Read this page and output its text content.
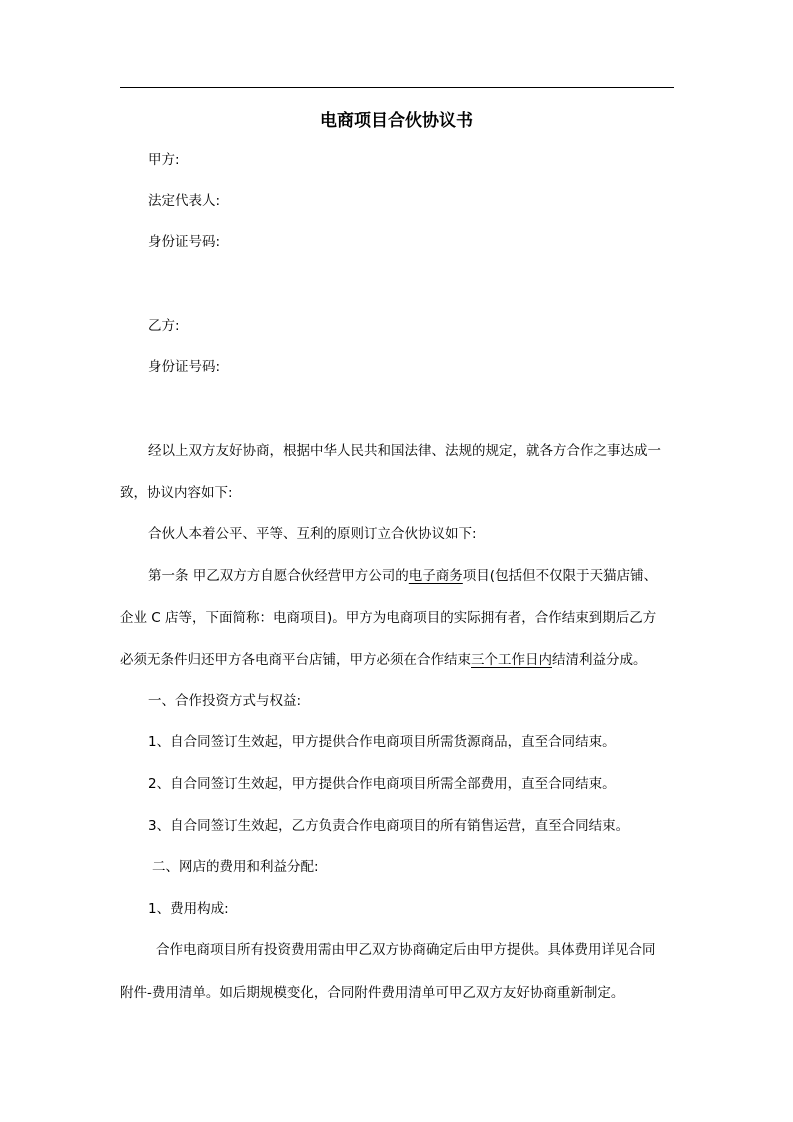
电商项目合伙协议书
甲方:
法定代表人:
身份证号码:
乙方:
身份证号码:
经以上双方友好协商，根据中华人民共和国法律、法规的规定，就各方合作之事达成一
致，协议内容如下:
合伙人本着公平、平等、互利的原则订立合伙协议如下:
第一条 甲乙双方方自愿合伙经营甲方公司的电子商务项目(包括但不仅限于天猫店铺、
企业 C 店等，下面简称：电商项目)。甲方为电商项目的实际拥有者，合作结束到期后乙方
必须无条件归还甲方各电商平台店铺，甲方必须在合作结束三个工作日内结清利益分成。
一、合作投资方式与权益:
1、自合同签订生效起，甲方提供合作电商项目所需货源商品，直至合同结束。
2、自合同签订生效起，甲方提供合作电商项目所需全部费用，直至合同结束。
3、自合同签订生效起，乙方负责合作电商项目的所有销售运营，直至合同结束。
二、网店的费用和利益分配:
1、费用构成:
合作电商项目所有投资费用需由甲乙双方协商确定后由甲方提供。具体费用详见合同
附件-费用清单。如后期规模变化，合同附件费用清单可甲乙双方友好协商重新制定。
